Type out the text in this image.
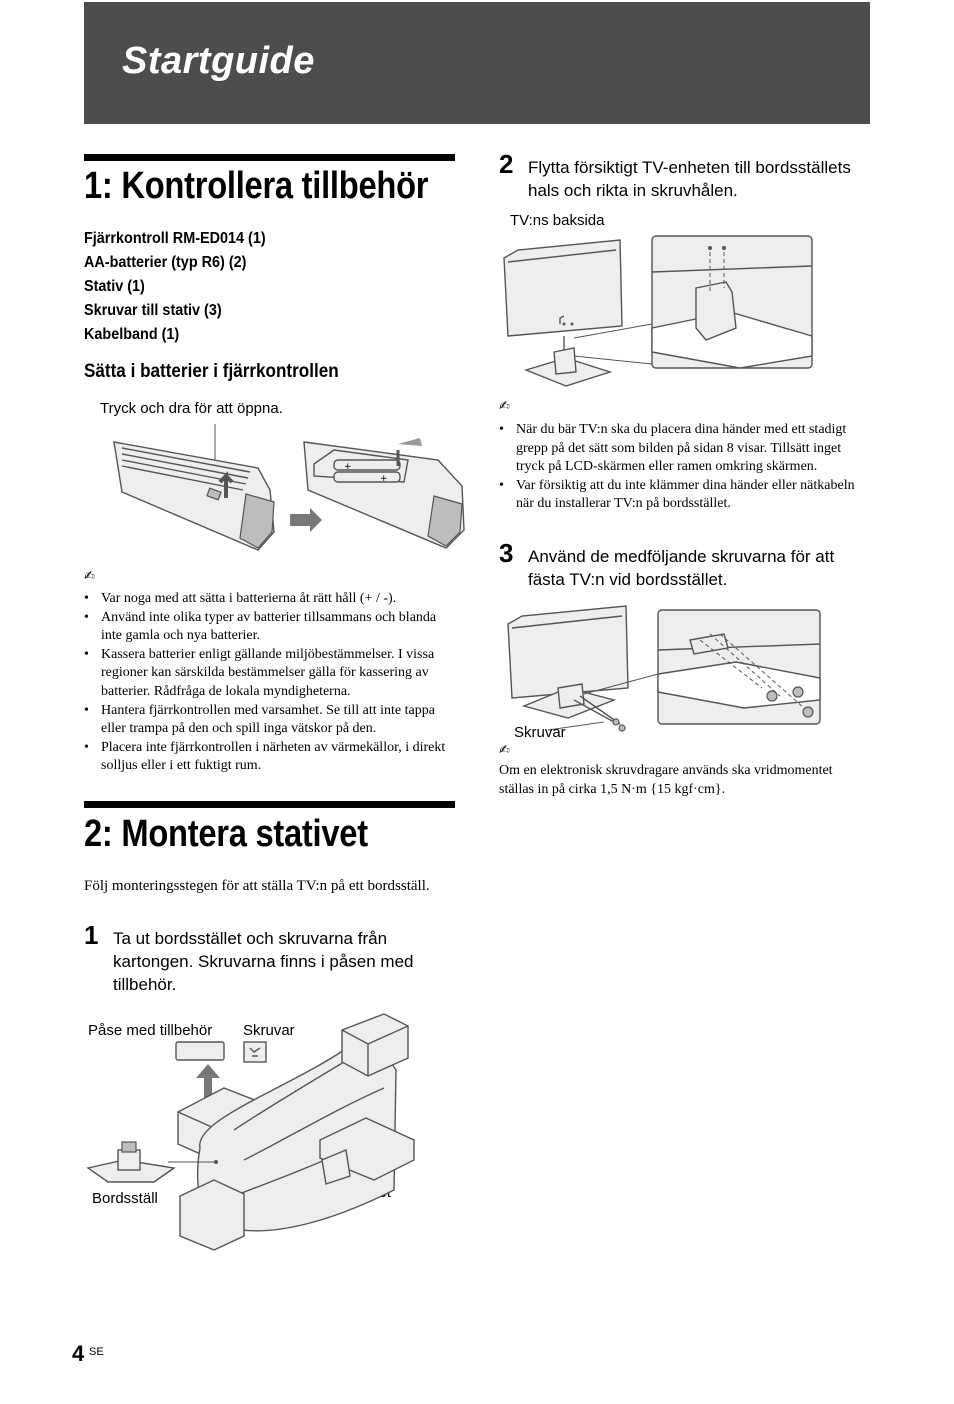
Startguide
1: Kontrollera tillbehör
Fjärrkontroll RM-ED014 (1)
AA-batterier (typ R6) (2)
Stativ (1)
Skruvar till stativ (3)
Kabelband (1)
Sätta i batterier i fjärrkontrollen
Tryck och dra för att öppna.
+
+
✍
• Var noga med att sätta i batterierna åt rätt håll (+ / -).
• Använd inte olika typer av batterier tillsammans och blanda inte gamla och nya batterier.
• Kassera batterier enligt gällande miljöbestämmelser. I vissa regioner kan särskilda bestämmelser gälla för kassering av batterier. Rådfråga de lokala myndigheterna.
• Hantera fjärrkontrollen med varsamhet. Se till att inte tappa eller trampa på den och spill inga vätskor på den.
• Placera inte fjärrkontrollen i närheten av värmekällor, i direkt solljus eller i ett fuktigt rum.
2: Montera stativet
Följ monteringsstegen för att ställa TV:n på ett bordsställ.
1 Ta ut bordsstället och skruvarna från kartongen. Skruvarna finns i påsen med tillbehör.
Påse med tillbehör Skruvar
Bordsställ
2 Flytta försiktigt TV-enheten till bordsställets hals och rikta in skruvhålen.
TV:ns baksida
✍
• När du bär TV:n ska du placera dina händer med ett stadigt grepp på det sätt som bilden på sidan 8 visar. Tillsätt inget tryck på LCD-skärmen eller ramen omkring skärmen.
• Var försiktig att du inte klämmer dina händer eller nätkabeln när du installerar TV:n på bordsstället.
3 Använd de medföljande skruvarna för att fästa TV:n vid bordsstället.
Skruvar
✍
Om en elektronisk skruvdragare används ska vridmomentet ställas in på cirka 1,5 N·m {15 kgf·cm}.
4 SE
